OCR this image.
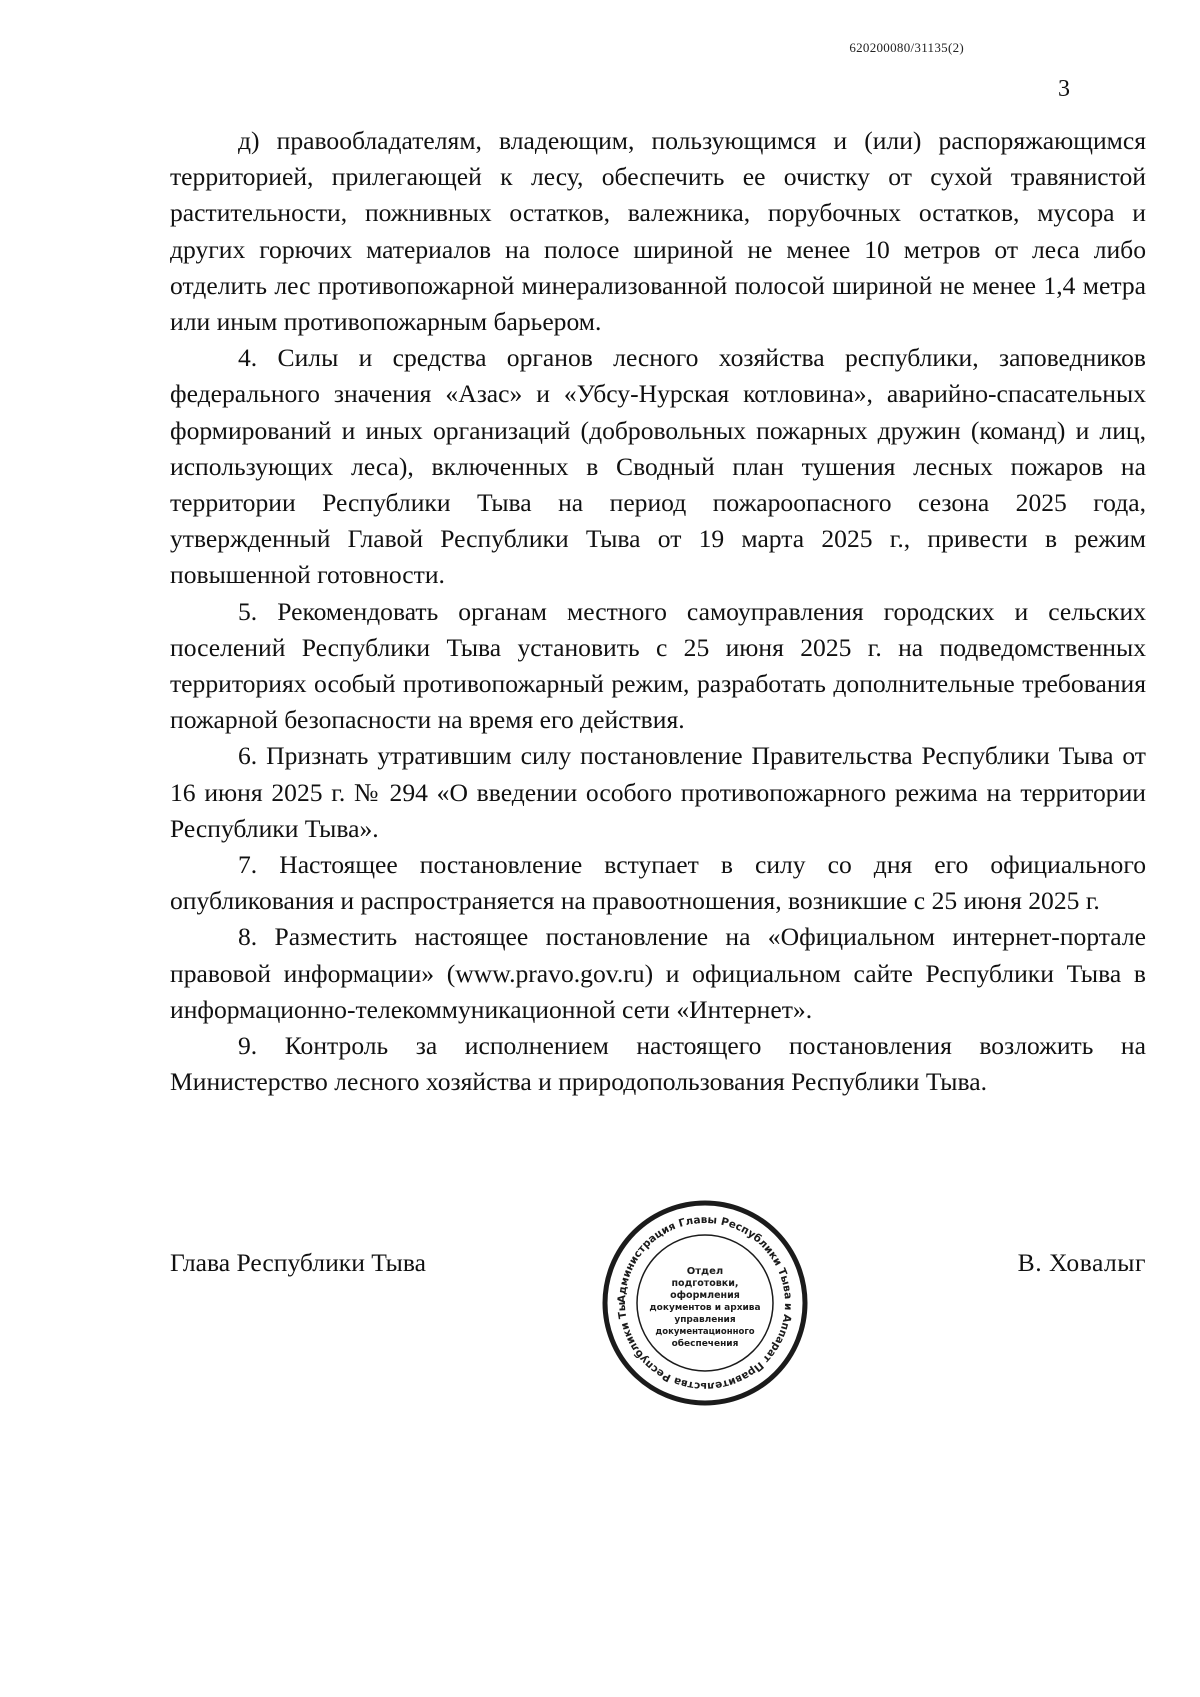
620200080/31135(2)
3

д) правообладателям, владеющим, пользующимся и (или) распоряжающимся территорией, прилегающей к лесу, обеспечить ее очистку от сухой травянистой растительности, пожнивных остатков, валежника, порубочных остатков, мусора и других горючих материалов на полосе шириной не менее 10 метров от леса либо отделить лес противопожарной минерализованной полосой шириной не менее 1,4 метра или иным противопожарным барьером.

4. Силы и средства органов лесного хозяйства республики, заповедников федерального значения «Азас» и «Убсу-Нурская котловина», аварийно-спасательных формирований и иных организаций (добровольных пожарных дружин (команд) и лиц, использующих леса), включенных в Сводный план тушения лесных пожаров на территории Республики Тыва на период пожароопасного сезона 2025 года, утвержденный Главой Республики Тыва от 19 марта 2025 г., привести в режим повышенной готовности.

5. Рекомендовать органам местного самоуправления городских и сельских поселений Республики Тыва установить с 25 июня 2025 г. на подведомственных территориях особый противопожарный режим, разработать дополнительные требования пожарной безопасности на время его действия.

6. Признать утратившим силу постановление Правительства Республики Тыва от 16 июня 2025 г. № 294 «О введении особого противопожарного режима на территории Республики Тыва».

7. Настоящее постановление вступает в силу со дня его официального опубликования и распространяется на правоотношения, возникшие с 25 июня 2025 г.

8. Разместить настоящее постановление на «Официальном интернет-портале правовой информации» (www.pravo.gov.ru) и официальном сайте Республики Тыва в информационно-телекоммуникационной сети «Интернет».

9. Контроль за исполнением настоящего постановления возложить на Министерство лесного хозяйства и природопользования Республики Тыва.

Глава Республики Тыва	В. Ховалыг
Администрация Главы Республики Тыва и Аппарат Правительства Республики Ты
Отдел
подготовки,
оформления
документов и архива
управления
документационного
обеспечения
